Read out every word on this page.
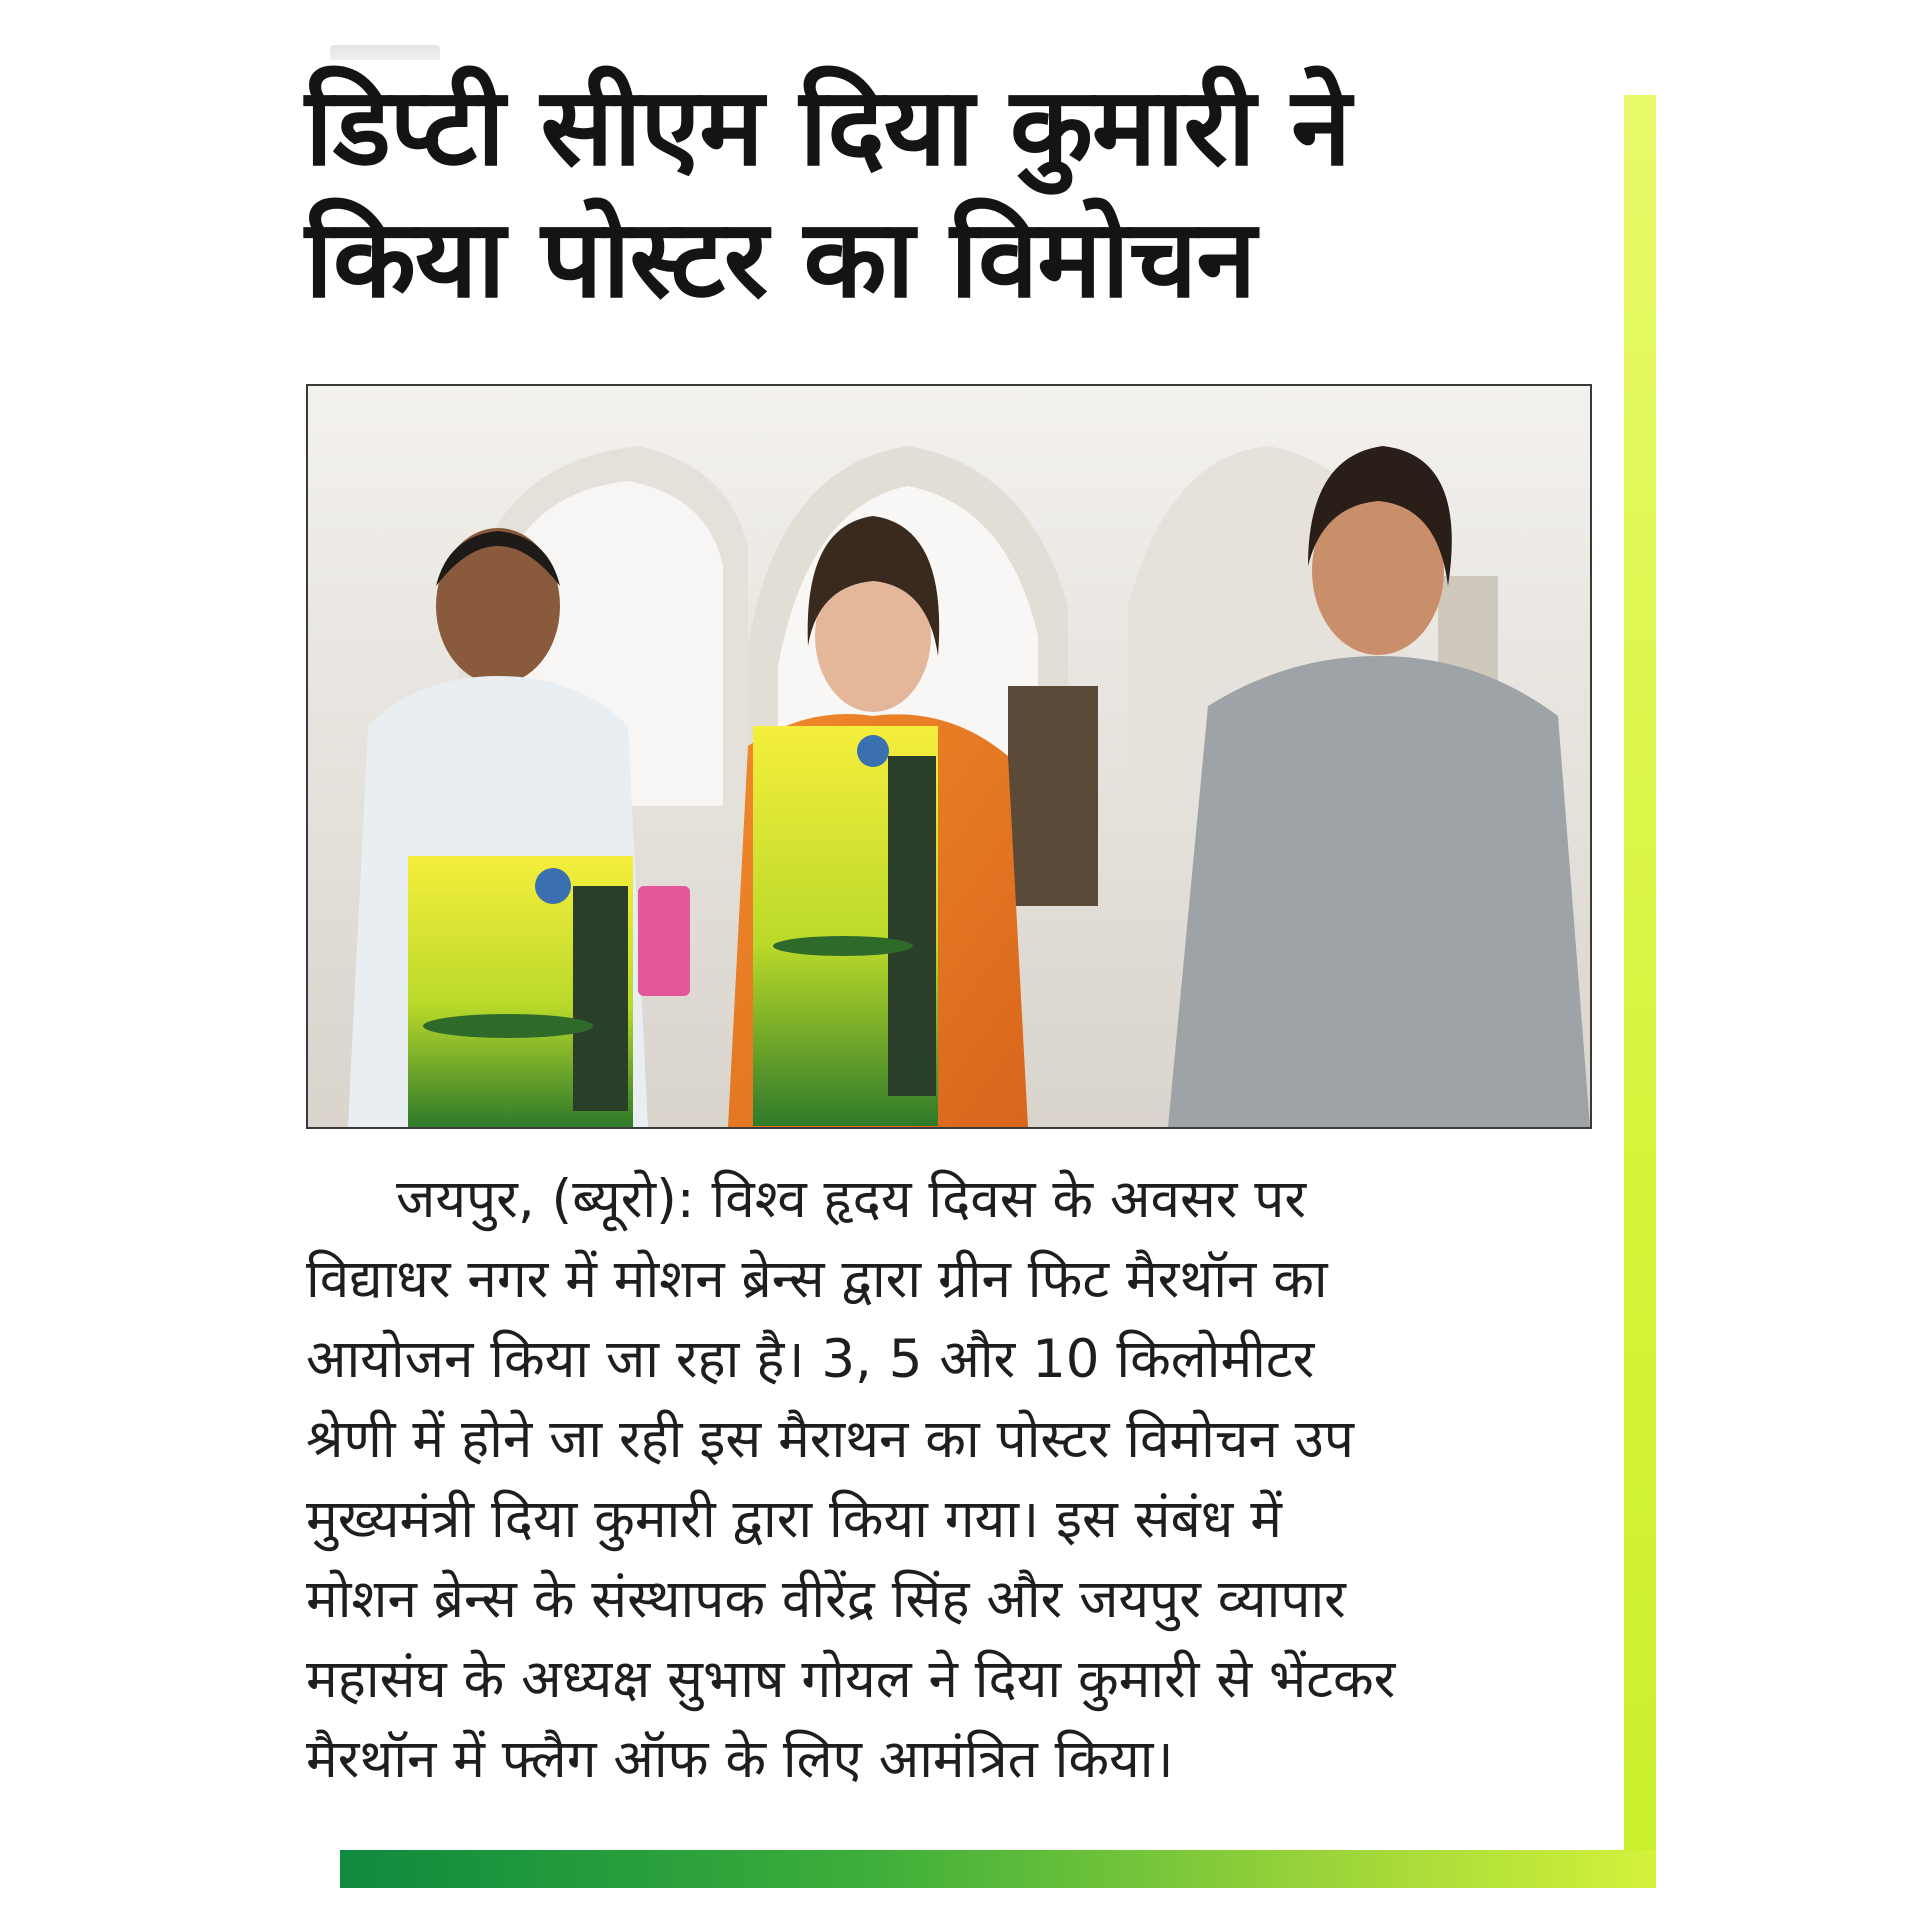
डिप्टी सीएम दिया कुमारी ने
किया पोस्टर का विमोचन
जयपुर, (ब्यूरो): विश्व हृदय दिवस के अवसर पर
विद्याधर नगर में मोशन ब्रेन्स द्वारा ग्रीन फिट मैरथॉन का
आयोजन किया जा रहा है। 3, 5 और 10 किलोमीटर
श्रेणी में होने जा रही इस मैराथन का पोस्टर विमोचन उप
मुख्यमंत्री दिया कुमारी द्वारा किया गया। इस संबंध में
मोशन ब्रेन्स के संस्थापक वीरेंद्र सिंह और जयपुर व्यापार
महासंघ के अध्यक्ष सुभाष गोयल ने दिया कुमारी से भेंटकर
मैरथॉन में फ्लैग ऑफ के लिए आमंत्रित किया।
